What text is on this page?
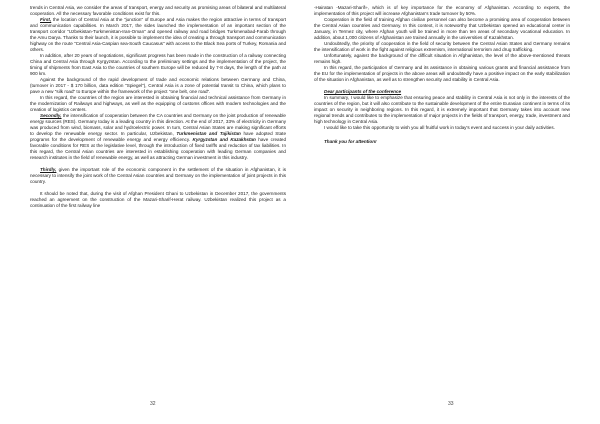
trends in Central Asia, we consider the areas of transport, energy and security as promising areas of bilateral and multilateral cooperation. All the necessary favorable conditions exist for this.

First, the location of Central Asia at the "junction" of Europe and Asia makes the region attractive in terms of transport and communication capabilities. In March 2017, the sides launched the implementation of an important section of the transport corridor "Uzbekistan-Turkmenistan-Iran-Oman" and opened railway and road bridges Turkmenabad-Farab through the Amu Darya. Thanks to their launch, it is possible to implement the idea of creating a through transport and communication highway on the route "Central Asia-Caspian sea-South Caucasus" with access to the Black Sea ports of Turkey, Romania and others.

In addition, after 20 years of negotiations, significant progress has been made in the construction of a railway connecting China and Central Asia through Kyrgyzstan. According to the preliminary settings and the implementation of the project, the timing of shipments from East Asia to the countries of southern Europe will be reduced by 7-8 days, the length of the path at 900 km.

Against the background of the rapid development of trade and economic relations between Germany and China, (turnover in 2017 - $ 170 billion, data edition "Spiegel"), Central Asia is a zone of potential transit to China, which plans to pave a new "silk road" to Europe within the framework of the project "one belt, one road".

In this regard, the countries of the region are interested in obtaining financial and technical assistance from Germany in the modernization of Railways and highways, as well as the equipping of customs offices with modern technologies and the creation of logistics centers.

Secondly, the intensification of cooperation between the CA countries and Germany on the joint production of renewable energy sources (RES). Germany today is a leading country in this direction. At the end of 2017, 33% of electricity in Germany was produced from wind, biomass, solar and hydroelectric power. In turn, Central Asian States are making significant efforts to develop the renewable energy sector. In particular, Uzbekistan, Turkmenistan and Tajikistan have adopted State programs for the development of renewable energy and energy efficiency. Kyrgyzstan and Kazakhstan have created favorable conditions for RES at the legislative level, through the introduction of fixed tariffs and reduction of tax liabilities. In this regard, the Central Asian countries are interested in establishing cooperation with leading German companies and research institutes in the field of renewable energy, as well as attracting German investment in this industry.

Thirdly, given the important role of the economic component in the settlement of the situation in Afghanistan, it is necessary to intensify the joint work of the Central Asian countries and Germany on the implementation of joint projects in this country.

It should be noted that, during the visit of Afghan President Ghani to Uzbekistan in December 2017, the governments reached an agreement on the construction of the Mazari-Sharif-Herat railway. Uzbekistan realized this project as a continuation of the first railway line

32

-Hairatan -Mazari-Sharif», which is of key importance for the economy of Afghanistan. According to experts, the implementation of this project will increase Afghanistan's trade turnover by 50%.

Cooperation in the field of training Afghan civilian personnel can also become a promising area of cooperation between the Central Asian countries and Germany. In this context, it is noteworthy that Uzbekistan opened an educational center in January, in Termez city, where Afghan youth will be trained in more than ten areas of secondary vocational education. In addition, about 1,000 citizens of Afghanistan are trained annually in the universities of Kazakhstan.

Undoubtedly, the priority of cooperation in the field of security between the Central Asian States and Germany remains the intensification of work in the fight against religious extremism, international terrorism and drug trafficking.

Unfortunately, against the background of the difficult situation in Afghanistan, the level of the above-mentioned threats remains high.

In this regard, the participation of Germany and its assistance in obtaining various grants and financial assistance from the EU for the implementation of projects in the above areas will undoubtedly have a positive impact on the early stabilization of the situation in Afghanistan, as well as to strengthen security and stability in Central Asia.

Dear participants of the conference

In summary, I would like to emphasize that ensuring peace and stability in Central Asia is not only in the interests of the countries of the region, but it will also contribute to the sustainable development of the entire Eurasian continent in terms of its impact on security in neighboring regions. In this regard, it is extremely important that Germany takes into account new regional trends and contributes to the implementation of major projects in the fields of transport, energy, trade, investment and high technology in Central Asia.

I would like to take this opportunity to wish you all fruitful work in today's event and success in your daily activities.

Thank you for attention!
33
